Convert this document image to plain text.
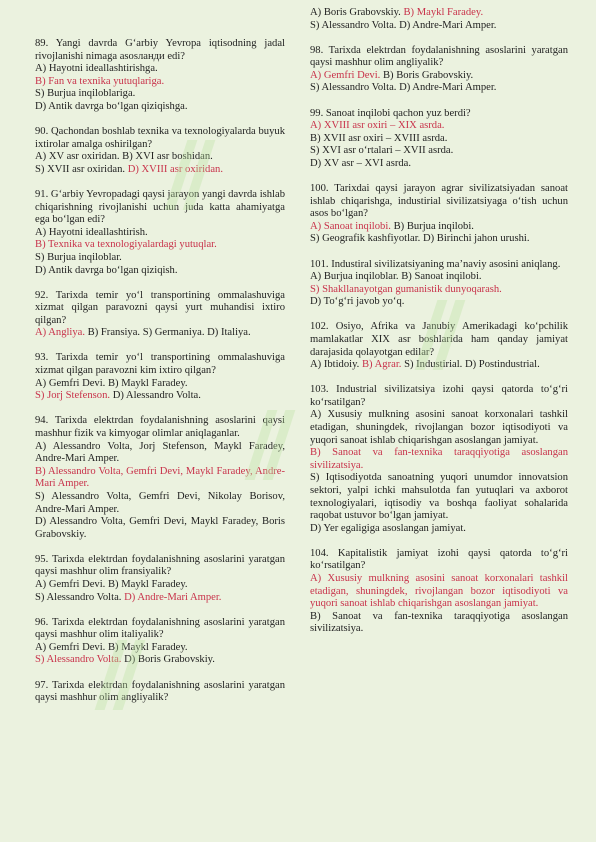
89. Yangi davrda G‘arbiy Yevropa iqtisodning jadal rivojlanishi nimaga asosланди edi?

A) Hayotni ideallashtirishga.

B) Fan va texnika yutuqlariga.

S) Burjua inqiloblariga.

D) Antik davrga bo‘lgan qiziqishga.

90. Qachondan boshlab texnika va texnologiyalarda buyuk ixtirolar amalga oshirilgan?

A) XV asr oxiridan. B) XVI asr boshidan.

S) XVII asr oxiridan. D) XVIII asr oxiridan.

91. G‘arbiy Yevropadagi qaysi jarayon yangi davrda ishlab chiqarishning rivojlanishi uchun juda katta ahamiyatga ega bo‘lgan edi?

A) Hayotni ideallashtirish.

B) Texnika va texnologiyalardagi yutuqlar.

S) Burjua inqiloblar.

D) Antik davrga bo‘lgan qiziqish.

92. Tarixda temir yo‘l transportining ommalashuviga xizmat qilgan paravozni qaysi yurt muhandisi ixtiro qilgan?

A) Angliya. B) Fransiya. S) Germaniya. D) Italiya.

93. Tarixda temir yo‘l transportining ommalashuviga xizmat qilgan paravozni kim ixtiro qilgan?

A) Gemfri Devi. B) Maykl Faradey.

S) Jorj Stefenson. D) Alessandro Volta.

94. Tarixda elektrdan foydalanishning asoslarini qaysi mashhur fizik va kimyogar olimlar aniqlaganlar.

A) Alessandro Volta, Jorj Stefenson, Maykl Faradey, Andre-Mari Amper.

B) Alessandro Volta, Gemfri Devi, Maykl Faradey, Andre-Mari Amper.

S) Alessandro Volta, Gemfri Devi, Nikolay Borisov, Andre-Mari Amper.

D) Alessandro Volta, Gemfri Devi, Maykl Faradey, Boris Grabovskiy.

95. Tarixda elektrdan foydalanishning asoslarini yaratgan qaysi mashhur olim fransiyalik?

A) Gemfri Devi. B) Maykl Faradey.

S) Alessandro Volta. D) Andre-Mari Amper.

96. Tarixda elektrdan foydalanishning asoslarini yaratgan qaysi mashhur olim italiyalik?

A) Gemfri Devi. B) Maykl Faradey.

S) Alessandro Volta. D) Boris Grabovskiy.

97. Tarixda elektrdan foydalanishning asoslarini yaratgan qaysi mashhur olim angliyalik?

A) Boris Grabovskiy. B) Maykl Faradey.

S) Alessandro Volta. D) Andre-Mari Amper.

98. Tarixda elektrdan foydalanishning asoslarini yaratgan qaysi mashhur olim angliyalik?

A) Gemfri Devi. B) Boris Grabovskiy.

S) Alessandro Volta. D) Andre-Mari Amper.

99. Sanoat inqilobi qachon yuz berdi?

A) XVIII asr oxiri – XIX asrda.

B) XVII asr oxiri – XVIII asrda.

S) XVI asr o‘rtalari – XVII asrda.

D) XV asr – XVI asrda.

100. Tarixdai qaysi jarayon agrar sivilizatsiyadan sanoat ishlab chiqarishga, industirial sivilizatsiyaga o‘tish uchun asos bo‘lgan?

A) Sanoat inqilobi. B) Burjua inqilobi.

S) Geografik kashfiyotlar. D) Birinchi jahon urushi.

101. Industiral sivilizatsiyaning ma’naviy asosini aniqlang.

A) Burjua inqiloblar. B) Sanoat inqilobi.

S) Shakllanayotgan gumanistik dunyoqarash.

D) To‘g‘ri javob yo‘q.

102. Osiyo, Afrika va Janubiy Amerikadagi ko‘pchilik mamlakatlar XIX asr boshlarida ham qanday jamiyat darajasida qolayotgan edilar?

A) Ibtidoiy. B) Agrar. S) Industirial. D) Postindustrial.

103. Industrial sivilizatsiya izohi qaysi qatorda to‘g‘ri ko‘rsatilgan?

A) Xususiy mulkning asosini sanoat korxonalari tashkil etadigan, shuningdek, rivojlangan bozor iqtisodiyoti va yuqori sanoat ishlab chiqarishgan asoslangan jamiyat.

B) Sanoat va fan-texnika taraqqiyotiga asoslangan sivilizatsiya.

S) Iqtisodiyotda sanoatning yuqori unumdor innovatsion sektori, yalpi ichki mahsulotda fan yutuqlari va axborot texnologiyalari, iqtisodiy va boshqa faoliyat sohalarida raqobat ustuvor bo‘lgan jamiyat.

D) Yer egaligiga asoslangan jamiyat.

104. Kapitalistik jamiyat izohi qaysi qatorda to‘g‘ri ko‘rsatilgan?

A) Xususiy mulkning asosini sanoat korxonalari tashkil etadigan, shuningdek, rivojlangan bozor iqtisodiyoti va yuqori sanoat ishlab chiqarishgan asoslangan jamiyat.

B) Sanoat va fan-texnika taraqqiyotiga asoslangan sivilizatsiya.
